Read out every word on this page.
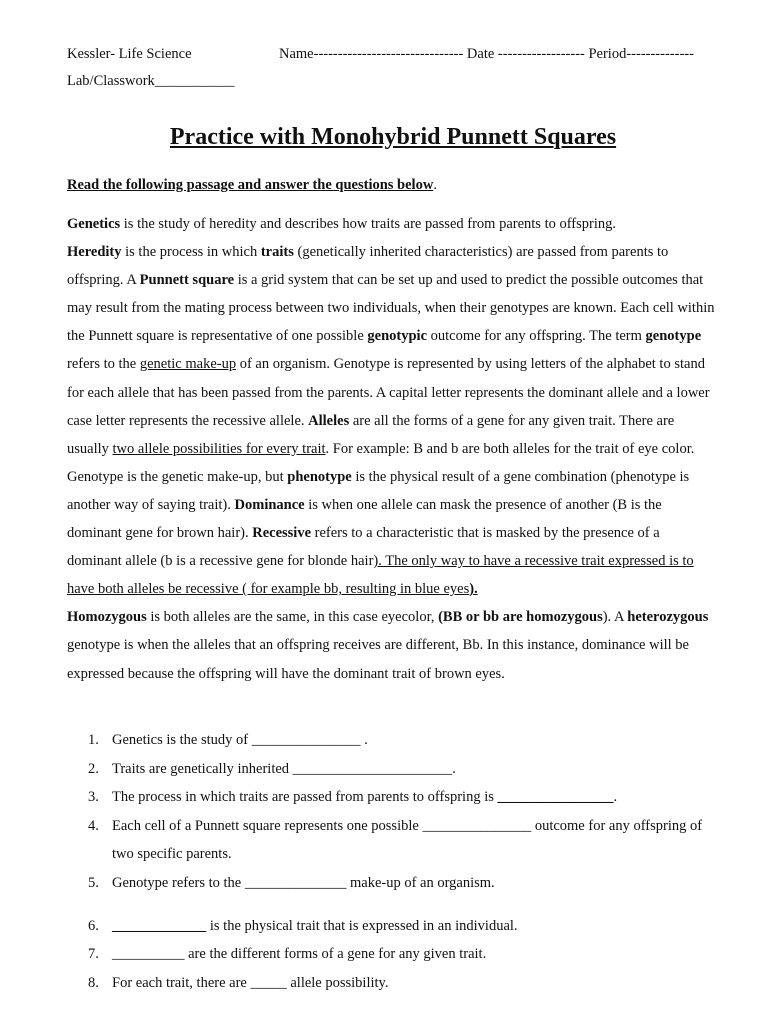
Kessler- Life Science	Name------------------------------- Date ------------------ Period--------------
Lab/Classwork___________
Practice with Monohybrid Punnett Squares
Read the following passage and answer the questions below.

Genetics is the study of heredity and describes how traits are passed from parents to offspring.

Heredity is the process in which traits (genetically inherited characteristics) are passed from parents to offspring. A Punnett square is a grid system that can be set up and used to predict the possible outcomes that may result from the mating process between two individuals, when their genotypes are known. Each cell within the Punnett square is representative of one possible genotypic outcome for any offspring. The term genotype refers to the genetic make-up of an organism. Genotype is represented by using letters of the alphabet to stand for each allele that has been passed from the parents. A capital letter represents the dominant allele and a lower case letter represents the recessive allele. Alleles are all the forms of a gene for any given trait. There are usually two allele possibilities for every trait. For example: B and b are both alleles for the trait of eye color. Genotype is the genetic make-up, but phenotype is the physical result of a gene combination (phenotype is another way of saying trait). Dominance is when one allele can mask the presence of another (B is the dominant gene for brown hair). Recessive refers to a characteristic that is masked by the presence of a dominant allele (b is a recessive gene for blonde hair). The only way to have a recessive trait expressed is to have both alleles be recessive ( for example bb, resulting in blue eyes).
Homozygous is both alleles are the same, in this case eyecolor, (BB or bb are homozygous). A heterozygous genotype is when the alleles that an offspring receives are different, Bb. In this instance, dominance will be expressed because the offspring will have the dominant trait of brown eyes.

1. Genetics is the study of _______________ .
2. Traits are genetically inherited ______________________.
3. The process in which traits are passed from parents to offspring is ________________.
4. Each cell of a Punnett square represents one possible _______________ outcome for any offspring of two specific parents.
5. Genotype refers to the ______________ make-up of an organism.
6. _____________ is the physical trait that is expressed in an individual.
7. __________ are the different forms of a gene for any given trait.
8. For each trait, there are _____ allele possibility.
